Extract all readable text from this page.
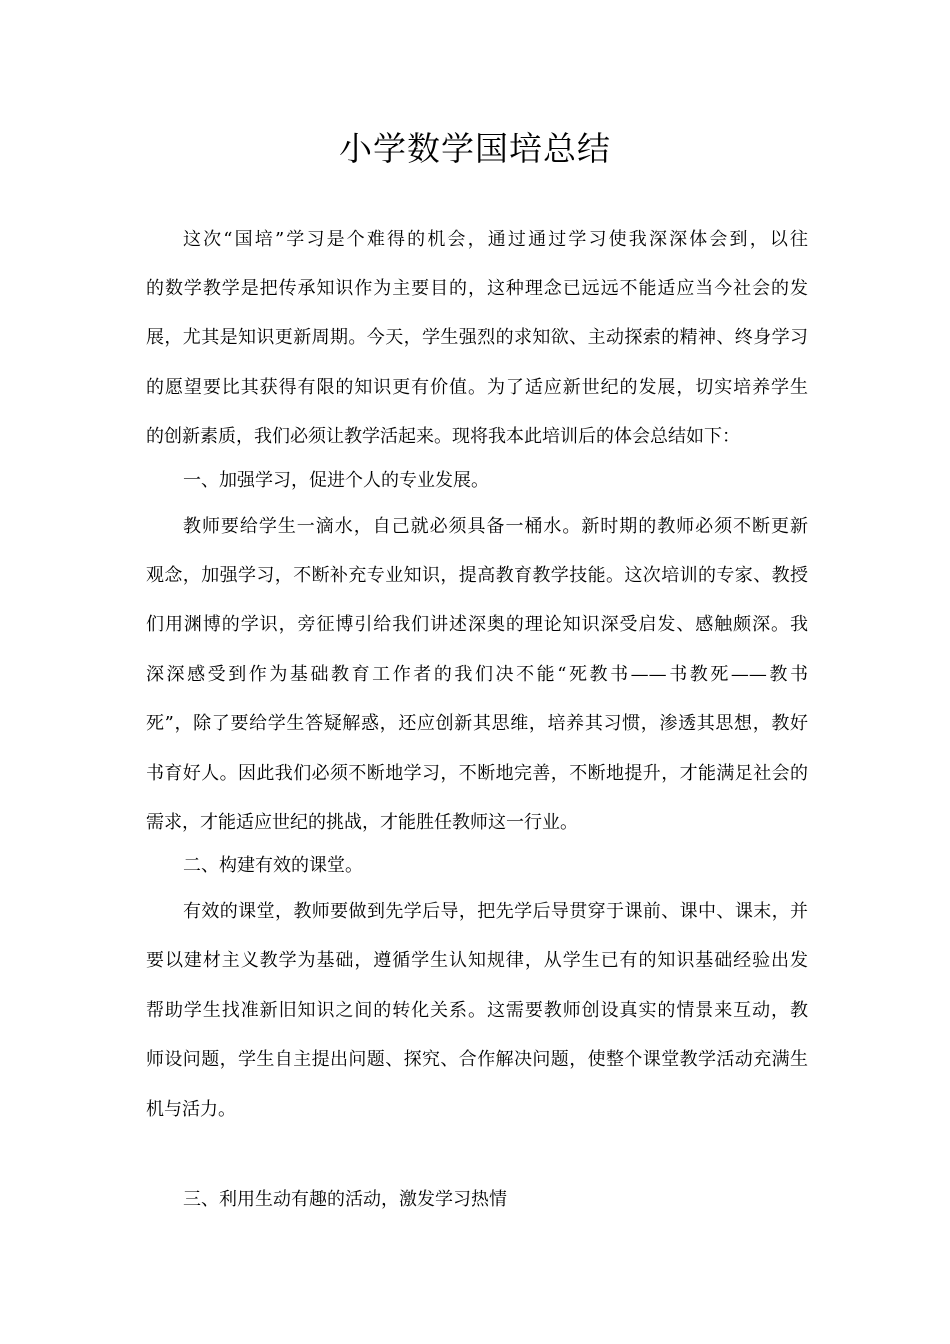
小学数学国培总结
这次“国培”学习是个难得的机会，通过通过学习使我深深体会到，以往
的数学教学是把传承知识作为主要目的，这种理念已远远不能适应当今社会的发
展，尤其是知识更新周期。今天，学生强烈的求知欲、主动探索的精神、终身学习
的愿望要比其获得有限的知识更有价值。为了适应新世纪的发展，切实培养学生
的创新素质，我们必须让教学活起来。现将我本此培训后的体会总结如下：
一、加强学习，促进个人的专业发展。
教师要给学生一滴水，自己就必须具备一桶水。新时期的教师必须不断更新
观念，加强学习，不断补充专业知识，提高教育教学技能。这次培训的专家、教授
们用渊博的学识，旁征博引给我们讲述深奥的理论知识深受启发、感触颇深。我
深深感受到作为基础教育工作者的我们决不能“死教书——书教死——教书
死”，除了要给学生答疑解惑，还应创新其思维，培养其习惯，渗透其思想，教好
书育好人。因此我们必须不断地学习，不断地完善，不断地提升，才能满足社会的
需求，才能适应世纪的挑战，才能胜任教师这一行业。
二、构建有效的课堂。
有效的课堂，教师要做到先学后导，把先学后导贯穿于课前、课中、课末，并
要以建材主义教学为基础，遵循学生认知规律，从学生已有的知识基础经验出发
帮助学生找准新旧知识之间的转化关系。这需要教师创设真实的情景来互动，教
师设问题，学生自主提出问题、探究、合作解决问题，使整个课堂教学活动充满生
机与活力。
三、利用生动有趣的活动，激发学习热情
